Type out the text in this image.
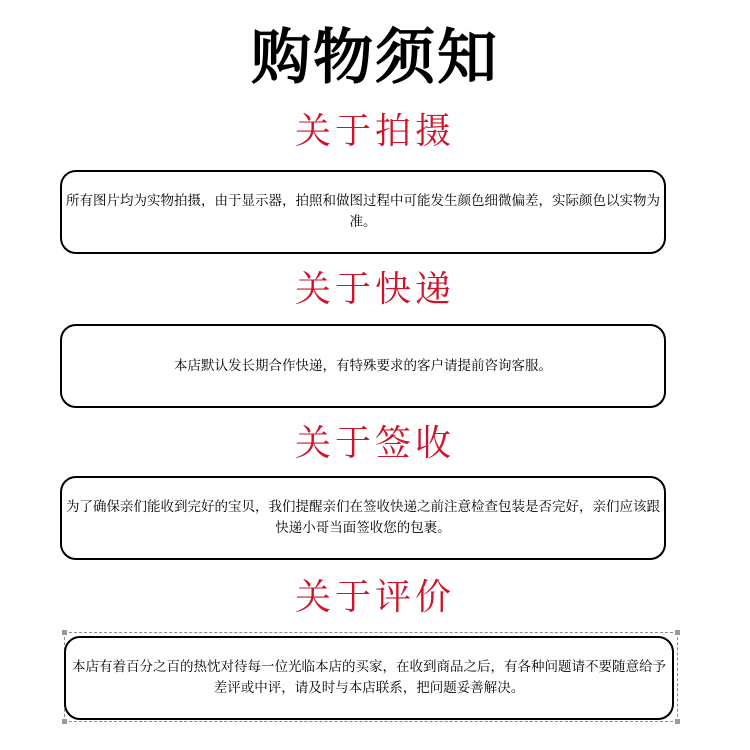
购物须知
关于拍摄
所有图片均为实物拍摄，由于显示器，拍照和做图过程中可能发生颜色细微偏差，实际颜色以实物为准。
关于快递
本店默认发长期合作快递，有特殊要求的客户请提前咨询客服。
关于签收
为了确保亲们能收到完好的宝贝，我们提醒亲们在签收快递之前注意检查包装是否完好，亲们应该跟快递小哥当面签收您的包裹。
关于评价
本店有着百分之百的热忱对待每一位光临本店的买家，在收到商品之后，有各种问题请不要随意给予差评或中评，请及时与本店联系，把问题妥善解决。
